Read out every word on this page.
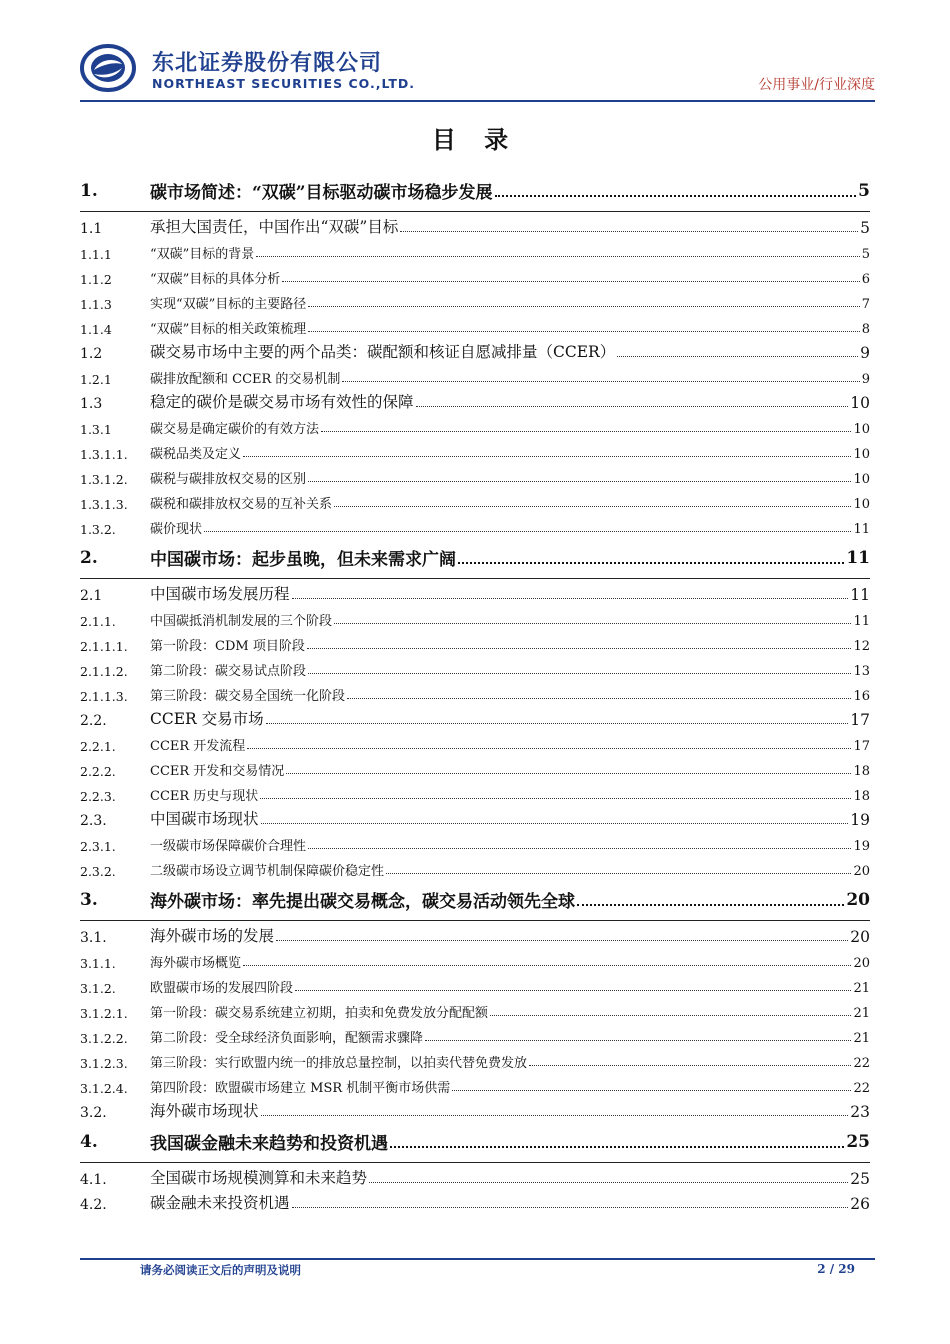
东北证券股份有限公司
NORTHEAST SECURITIES CO.,LTD.	公用事业/行业深度
目 录
1.	碳市场简述：“双碳”目标驱动碳市场稳步发展	5
1.1	承担大国责任，中国作出“双碳”目标	5
1.1.1	“双碳”目标的背景	5
1.1.2	“双碳”目标的具体分析	6
1.1.3	实现“双碳”目标的主要路径	7
1.1.4	“双碳”目标的相关政策梳理	8
1.2	碳交易市场中主要的两个品类：碳配额和核证自愿减排量（CCER）	9
1.2.1	碳排放配额和 CCER 的交易机制	9
1.3	稳定的碳价是碳交易市场有效性的保障	10
1.3.1	碳交易是确定碳价的有效方法	10
1.3.1.1.	碳税品类及定义	10
1.3.1.2.	碳税与碳排放权交易的区别	10
1.3.1.3.	碳税和碳排放权交易的互补关系	10
1.3.2.	碳价现状	11
2.	中国碳市场：起步虽晚，但未来需求广阔	11
2.1	中国碳市场发展历程	11
2.1.1.	中国碳抵消机制发展的三个阶段	11
2.1.1.1.	第一阶段：CDM 项目阶段	12
2.1.1.2.	第二阶段：碳交易试点阶段	13
2.1.1.3.	第三阶段：碳交易全国统一化阶段	16
2.2.	CCER 交易市场	17
2.2.1.	CCER 开发流程	17
2.2.2.	CCER 开发和交易情况	18
2.2.3.	CCER 历史与现状	18
2.3.	中国碳市场现状	19
2.3.1.	一级碳市场保障碳价合理性	19
2.3.2.	二级碳市场设立调节机制保障碳价稳定性	20
3.	海外碳市场：率先提出碳交易概念，碳交易活动领先全球	20
3.1.	海外碳市场的发展	20
3.1.1.	海外碳市场概览	20
3.1.2.	欧盟碳市场的发展四阶段	21
3.1.2.1.	第一阶段：碳交易系统建立初期，拍卖和免费发放分配配额	21
3.1.2.2.	第二阶段：受全球经济负面影响，配额需求骤降	21
3.1.2.3.	第三阶段：实行欧盟内统一的排放总量控制，以拍卖代替免费发放	22
3.1.2.4.	第四阶段：欧盟碳市场建立 MSR 机制平衡市场供需	22
3.2.	海外碳市场现状	23
4.	我国碳金融未来趋势和投资机遇	25
4.1.	全国碳市场规模测算和未来趋势	25
4.2.	碳金融未来投资机遇	26
请务必阅读正文后的声明及说明	2 / 29
